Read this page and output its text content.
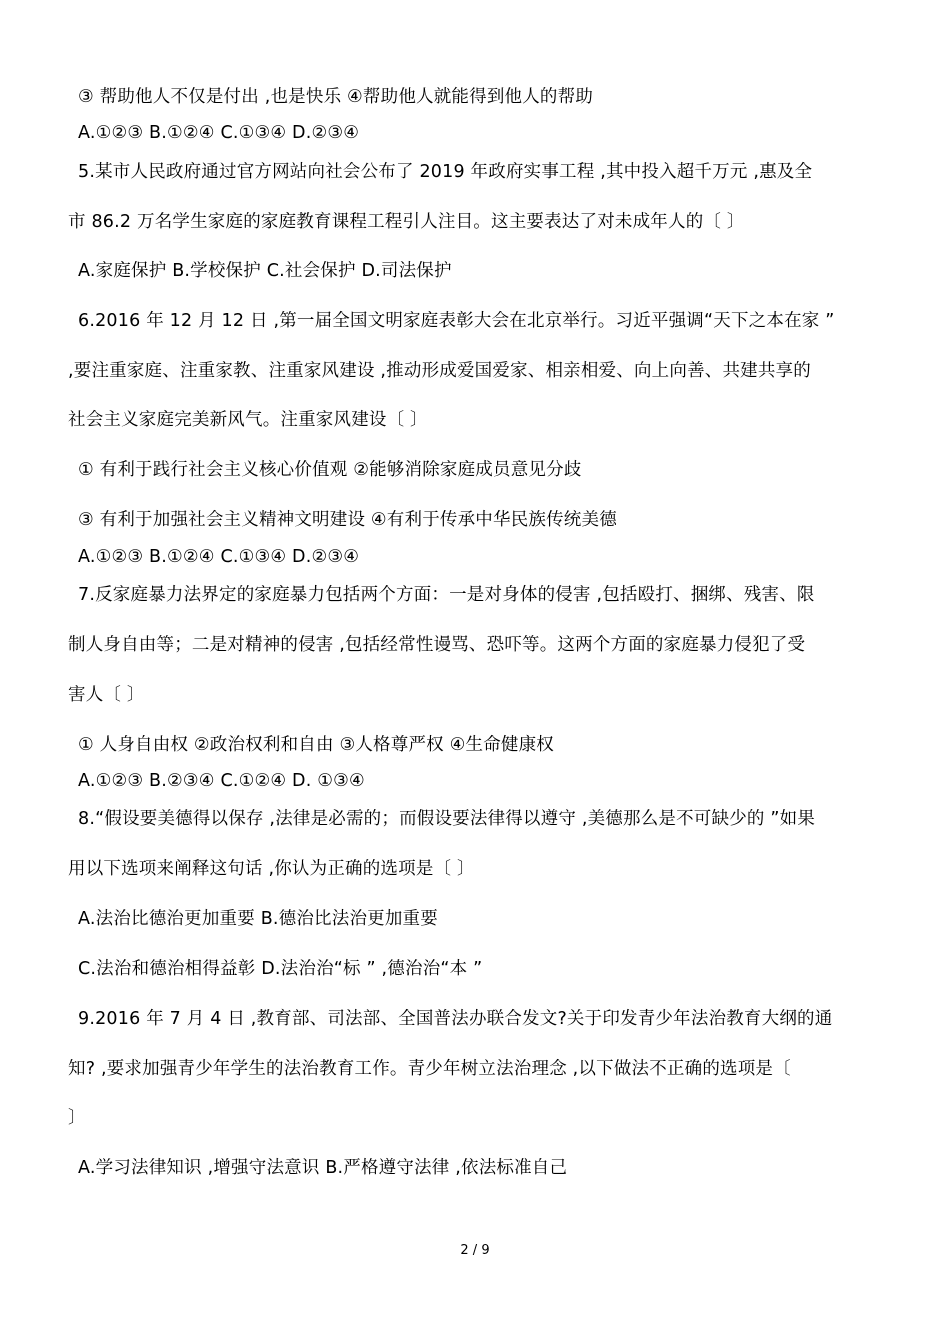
③ 帮助他人不仅是付出 ,也是快乐 ④帮助他人就能得到他人的帮助
A.①②③ B.①②④ C.①③④ D.②③④
5.某市人民政府通过官方网站向社会公布了 2019 年政府实事工程 ,其中投入超千万元 ,惠及全
市 86.2 万名学生家庭的家庭教育课程工程引人注目。这主要表达了对未成年人的〔 〕
A.家庭保护 B.学校保护 C.社会保护 D.司法保护
6.2016 年 12 月 12 日 ,第一届全国文明家庭表彰大会在北京举行。习近平强调“天下之本在家 ”
,要注重家庭、注重家教、注重家风建设 ,推动形成爱国爱家、相亲相爱、向上向善、共建共享的
社会主义家庭完美新风气。注重家风建设〔 〕
① 有利于践行社会主义核心价值观 ②能够消除家庭成员意见分歧
③ 有利于加强社会主义精神文明建设 ④有利于传承中华民族传统美德
A.①②③ B.①②④ C.①③④ D.②③④
7.反家庭暴力法界定的家庭暴力包括两个方面：一是对身体的侵害 ,包括殴打、捆绑、残害、限
制人身自由等；二是对精神的侵害 ,包括经常性谩骂、恐吓等。这两个方面的家庭暴力侵犯了受
害人〔 〕
① 人身自由权 ②政治权利和自由 ③人格尊严权 ④生命健康权
A.①②③ B.②③④ C.①②④ D. ①③④
8.“假设要美德得以保存 ,法律是必需的；而假设要法律得以遵守 ,美德那么是不可缺少的 ”如果
用以下选项来阐释这句话 ,你认为正确的选项是〔 〕
A.法治比德治更加重要 B.德治比法治更加重要
C.法治和德治相得益彰 D.法治治“标 ” ,德治治“本 ”
9.2016 年 7 月 4 日 ,教育部、司法部、全国普法办联合发文?关于印发青少年法治教育大纲的通
知? ,要求加强青少年学生的法治教育工作。青少年树立法治理念 ,以下做法不正确的选项是〔
〕
A.学习法律知识 ,增强守法意识 B.严格遵守法律 ,依法标准自己
2 / 9
